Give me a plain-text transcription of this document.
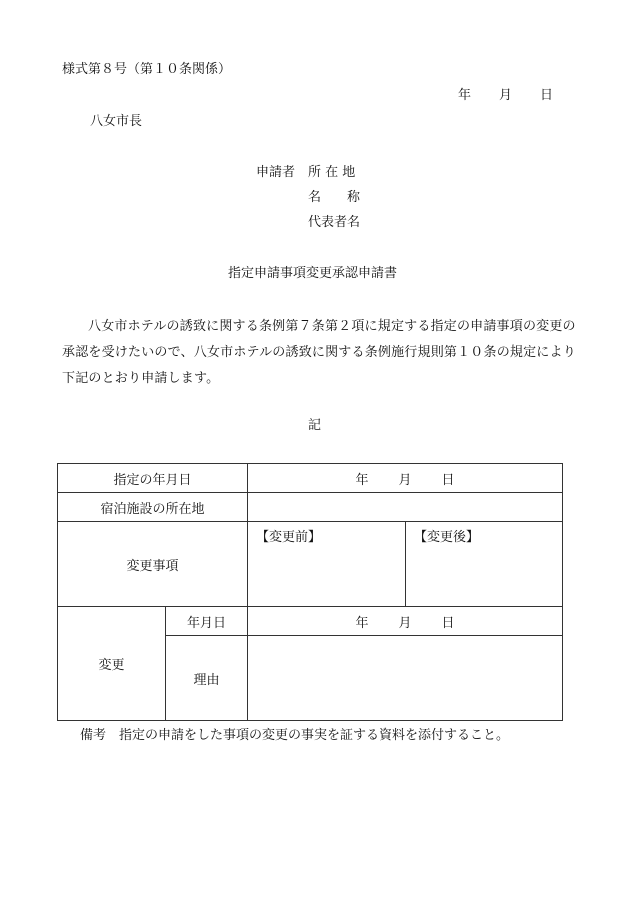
様式第８号（第１０条関係）
年 月 日
八女市長
申請者 所 在 地
名　　称
代表者名
指定申請事項変更承認申請書
八女市ホテルの誘致に関する条例第７条第２項に規定する指定の申請事項の変更の承認を受けたいので、八女市ホテルの誘致に関する条例施行規則第１０条の規定により下記のとおり申請します。
記
指定の年月日		年 月 日	
宿泊施設の所在地			
変更事項		【変更前】	【変更後】
変更	年月日	年 月 日	
	理由		
備考　指定の申請をした事項の変更の事実を証する資料を添付すること。
